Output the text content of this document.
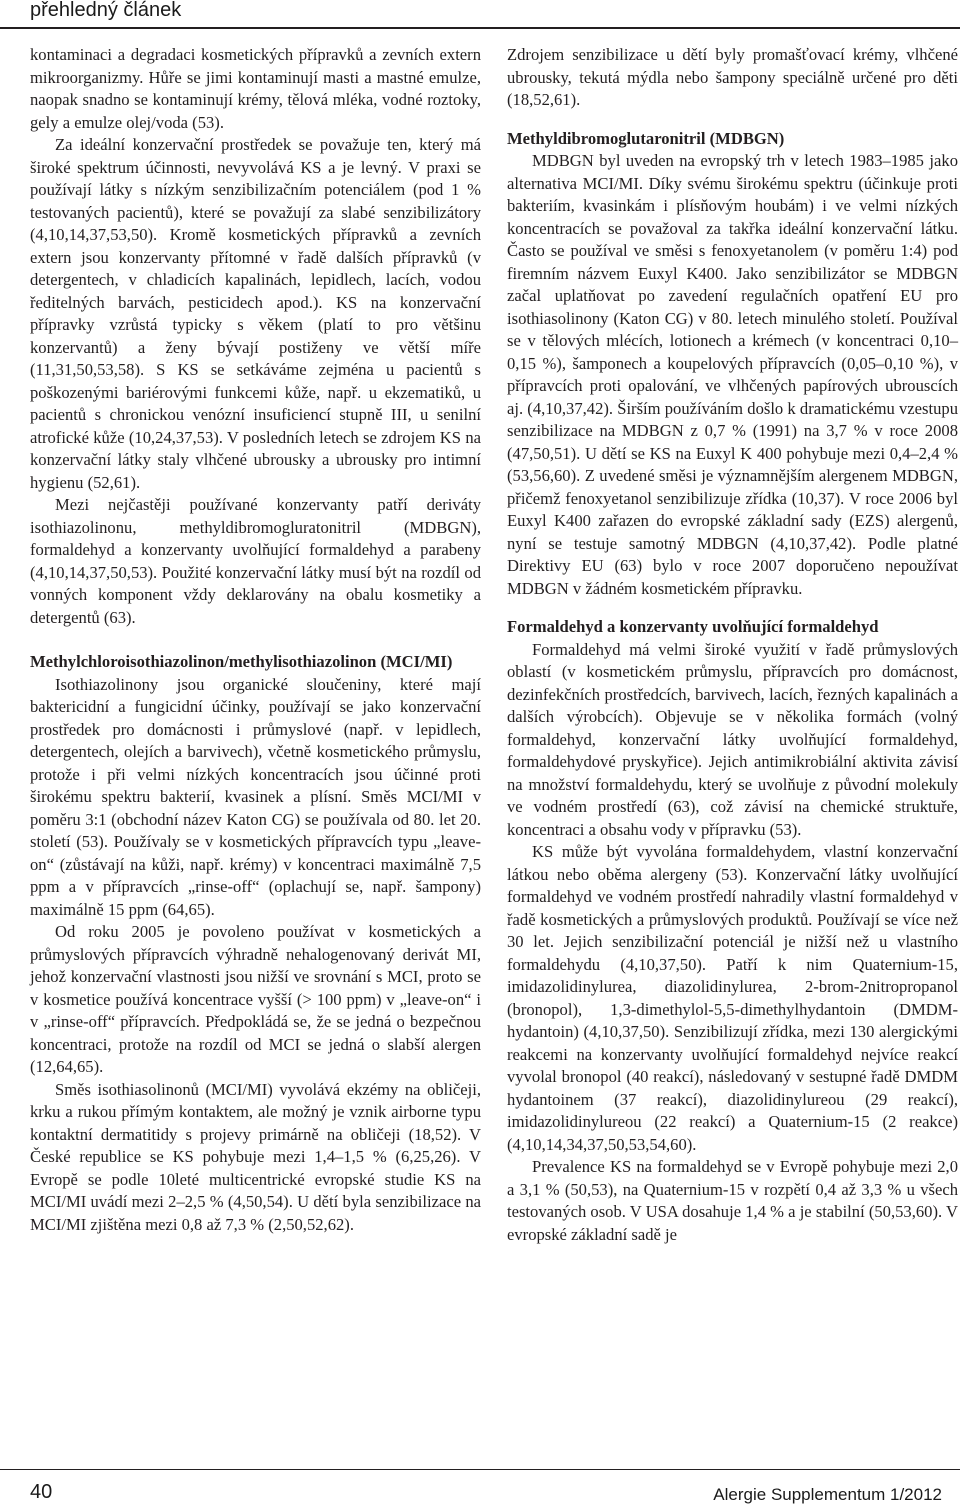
přehledný článek

kontaminaci a degradaci kosmetických přípravků a zevních extern mikroorganizmy. Hůře se jimi kontaminují masti a mastné emulze, naopak snadno se kontaminují krémy, tělová mléka, vodné roztoky, gely a emulze olej/voda (53).

Za ideální konzervační prostředek se považuje ten, který má široké spektrum účinnosti, nevyvolává KS a je levný. V praxi se používají látky s nízkým senzibilizačním potenciálem (pod 1 % testovaných pacientů), které se považují za slabé senzibilizátory (4,10,14,37,53,50). Kromě kosmetických přípravků a zevních extern jsou konzervanty přítomné v řadě dalších přípravků (v detergentech, v chladicích kapalinách, lepidlech, lacích, vodou ředitelných barvách, pesticidech apod.). KS na konzervační přípravky vzrůstá typicky s věkem (platí to pro většinu konzervantů) a ženy bývají postiženy ve větší míře (11,31,50,53,58). S KS se setkáváme zejména u pacientů s poškozenými bariérovými funkcemi kůže, např. u ekzematiků, u pacientů s chronickou venózní insuficiencí stupně III, u senilní atrofické kůže (10,24,37,53). V posledních letech se zdrojem KS na konzervační látky staly vlhčené ubrousky a ubrousky pro intimní hygienu (52,61).

Mezi nejčastěji používané konzervanty patří deriváty isothiazolinonu, methyldibromogluratonitril (MDBGN), formaldehyd a konzervanty uvolňující formaldehyd a parabeny (4,10,14,37,50,53). Použité konzervační látky musí být na rozdíl od vonných komponent vždy deklarovány na obalu kosmetiky a detergentů (63).

Methylchloroisothiazolinon/methylisothiazolinon (MCI/MI)

Isothiazolinony jsou organické sloučeniny, které mají baktericidní a fungicidní účinky, používají se jako konzervační prostředek pro domácnosti i průmyslové (např. v lepidlech, detergentech, olejích a barvivech), včetně kosmetického průmyslu, protože i při velmi nízkých koncentracích jsou účinné proti širokému spektru bakterií, kvasinek a plísní. Směs MCI/MI v poměru 3:1 (obchodní název Katon CG) se používala od 80. let 20. století (53). Používaly se v kosmetických přípravcích typu „leave-on“ (zůstávají na kůži, např. krémy) v koncentraci maximálně 7,5 ppm a v přípravcích „rinse-off“ (oplachují se, např. šampony) maximálně 15 ppm (64,65).

Od roku 2005 je povoleno používat v kosmetických a průmyslových přípravcích výhradně nehalogenovaný derivát MI, jehož konzervační vlastnosti jsou nižší ve srovnání s MCI, proto se v kosmetice používá koncentrace vyšší (> 100 ppm) v „leave-on“ i v „rinse-off“ přípravcích. Předpokládá se, že se jedná o bezpečnou koncentraci, protože na rozdíl od MCI se jedná o slabší alergen (12,64,65).

Směs isothiasolinonů (MCI/MI) vyvolává ekzémy na obličeji, krku a rukou přímým kontaktem, ale možný je vznik airborne typu kontaktní dermatitidy s projevy primárně na obličeji (18,52). V České republice se KS pohybuje mezi 1,4–1,5 % (6,25,26). V Evropě se podle 10leté multicentrické evropské studie KS na MCI/MI uvádí mezi 2–2,5 % (4,50,54). U dětí byla senzibilizace na MCI/MI zjištěna mezi 0,8 až 7,3 % (2,50,52,62).

Zdrojem senzibilizace u dětí byly promašťovací krémy, vlhčené ubrousky, tekutá mýdla nebo šampony speciálně určené pro děti (18,52,61).

Methyldibromoglutaronitril (MDBGN)

MDBGN byl uveden na evropský trh v letech 1983–1985 jako alternativa MCI/MI. Díky svému širokému spektru (účinkuje proti bakteriím, kvasinkám i plísňovým houbám) i ve velmi nízkých koncentracích se považoval za takřka ideální konzervační látku. Často se používal ve směsi s fenoxyetanolem (v poměru 1:4) pod firemním názvem Euxyl K400. Jako senzibilizátor se MDBGN začal uplatňovat po zavedení regulačních opatření EU pro isothiasolinony (Katon CG) v 80. letech minulého století. Používal se v tělových mlécích, lotionech a krémech (v koncentraci 0,10–0,15 %), šamponech a koupelových přípravcích (0,05–0,10 %), v přípravcích proti opalování, ve vlhčených papírových ubrouscích aj. (4,10,37,42). Širším používáním došlo k dramatickému vzestupu senzibilizace na MDBGN z 0,7 % (1991) na 3,7 % v roce 2008 (47,50,51). U dětí se KS na Euxyl K 400 pohybuje mezi 0,4–2,4 % (53,56,60). Z uvedené směsi je významnějším alergenem MDBGN, přičemž fenoxyetanol senzibilizuje zřídka (10,37). V roce 2006 byl Euxyl K400 zařazen do evropské základní sady (EZS) alergenů, nyní se testuje samotný MDBGN (4,10,37,42). Podle platné Direktivy EU (63) bylo v roce 2007 doporučeno nepoužívat MDBGN v žádném kosmetickém přípravku.

Formaldehyd a konzervanty uvolňující formaldehyd

Formaldehyd má velmi široké využití v řadě průmyslových oblastí (v kosmetickém průmyslu, přípravcích pro domácnost, dezinfekčních prostředcích, barvivech, lacích, řezných kapalinách a dalších výrobcích). Objevuje se v několika formách (volný formaldehyd, konzervační látky uvolňující formaldehyd, formaldehydové pryskyřice). Jejich antimikrobiální aktivita závisí na množství formaldehydu, který se uvolňuje z původní molekuly ve vodném prostředí (63), což závisí na chemické struktuře, koncentraci a obsahu vody v přípravku (53).

KS může být vyvolána formaldehydem, vlastní konzervační látkou nebo oběma alergeny (53). Konzervační látky uvolňující formaldehyd ve vodném prostředí nahradily vlastní formaldehyd v řadě kosmetických a průmyslových produktů. Používají se více než 30 let. Jejich senzibilizační potenciál je nižší než u vlastního formaldehydu (4,10,37,50). Patří k nim Quaternium-15, imidazolidinylurea, diazolidinylurea, 2-brom-2nitropropanol (bronopol), 1,3-dimethylol-5,5-dimethylhydantoin (DMDM-hydantoin) (4,10,37,50). Senzibilizují zřídka, mezi 130 alergickými reakcemi na konzervanty uvolňující formaldehyd nejvíce reakcí vyvolal bronopol (40 reakcí), následovaný v sestupné řadě DMDM hydantoinem (37 reakcí), diazolidinylureou (29 reakcí), imidazolidinylureou (22 reakcí) a Quaternium-15 (2 reakce) (4,10,14,34,37,50,53,54,60).

Prevalence KS na formaldehyd se v Evropě pohybuje mezi 2,0 a 3,1 % (50,53), na Quaternium-15 v rozpětí 0,4 až 3,3 % u všech testovaných osob. V USA dosahuje 1,4 % a je stabilní (50,53,60). V evropské základní sadě je

40	Alergie Supplementum 1/2012
